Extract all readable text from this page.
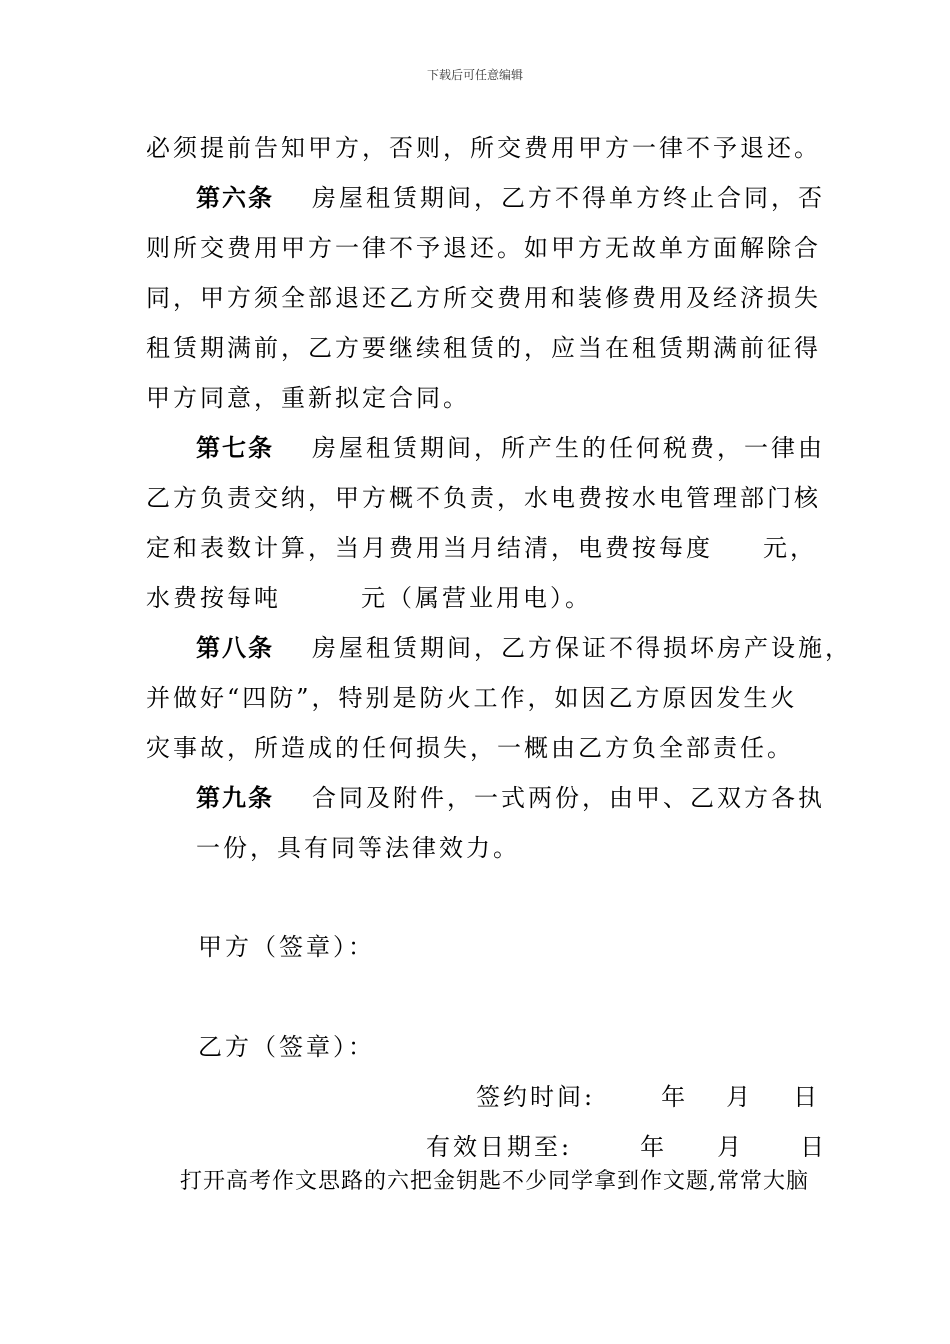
下载后可任意编辑
必须提前告知甲方，否则，所交费用甲方一律不予退还。
第六条 房屋租赁期间，乙方不得单方终止合同，否
则所交费用甲方一律不予退还。如甲方无故单方面解除合
同，甲方须全部退还乙方所交费用和装修费用及经济损失
租赁期满前，乙方要继续租赁的，应当在租赁期满前征得
甲方同意，重新拟定合同。
第七条 房屋租赁期间，所产生的任何税费，一律由
乙方负责交纳，甲方概不负责，水电费按水电管理部门核
定和表数计算，当月费用当月结清，电费按每度 元，
水费按每吨	元（属营业用电）。
第八条 房屋租赁期间，乙方保证不得损坏房产设施，
并做好“四防”，特别是防火工作，如因乙方原因发生火
灾事故，所造成的任何损失，一概由乙方负全部责任。
第九条 合同及附件，一式两份，由甲、乙双方各执
一份，具有同等法律效力。
甲方（签章）：
乙方（签章）：
签约时间:	年 月 日
有效日期至:	年 月 日
打开高考作文思路的六把金钥匙不少同学拿到作文题,常常大脑
